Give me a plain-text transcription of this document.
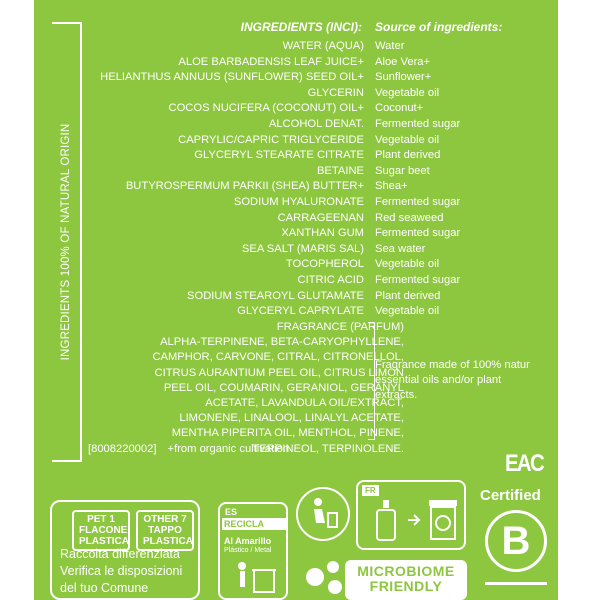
INGREDIENTS 100% OF NATURAL ORIGIN
INGREDIENTS (INCI): Source of ingredients:
WATER (AQUA) Water
ALOE BARBADENSIS LEAF JUICE+ Aloe Vera+
HELIANTHUS ANNUUS (SUNFLOWER) SEED OIL+ Sunflower+
GLYCERIN Vegetable oil
COCOS NUCIFERA (COCONUT) OIL+ Coconut+
ALCOHOL DENAT. Fermented sugar
CAPRYLIC/CAPRIC TRIGLYCERIDE Vegetable oil
GLYCERYL STEARATE CITRATE Plant derived
BETAINE Sugar beet
BUTYROSPERMUM PARKII (SHEA) BUTTER+ Shea+
SODIUM HYALURONATE Fermented sugar
CARRAGEENAN Red seaweed
XANTHAN GUM Fermented sugar
SEA SALT (MARIS SAL) Sea water
TOCOPHEROL Vegetable oil
CITRIC ACID Fermented sugar
SODIUM STEAROYL GLUTAMATE Plant derived
GLYCERYL CAPRYLATE Vegetable oil
FRAGRANCE (PARFUM)
ALPHA-TERPINENE, BETA-CARYOPHYLLENE,
CAMPHOR, CARVONE, CITRAL, CITRONELLOL,
CITRUS AURANTIUM PEEL OIL, CITRUS LIMON
PEEL OIL, COUMARIN, GERANIOL, GERANYL
ACETATE, LAVANDULA OIL/EXTRACT,
LIMONENE, LINALOOL, LINALYL ACETATE,
MENTHA PIPERITA OIL, MENTHOL, PINENE,
TERPINEOL, TERPINOLENE.
Fragrance made of 100% natur
essential oils and/or plant
extracts.
[8008220002] +from organic cultivation
EAC
PET 1 FLACONE PLASTICA
OTHER 7 TAPPO PLASTICA
Raccolta differenziata
Verifica le disposizioni
del tuo Comune
ES
RECICLA
Al Amarillo
Plástico / Metal
FR
MICROBIOME FRIENDLY
Certified
B
